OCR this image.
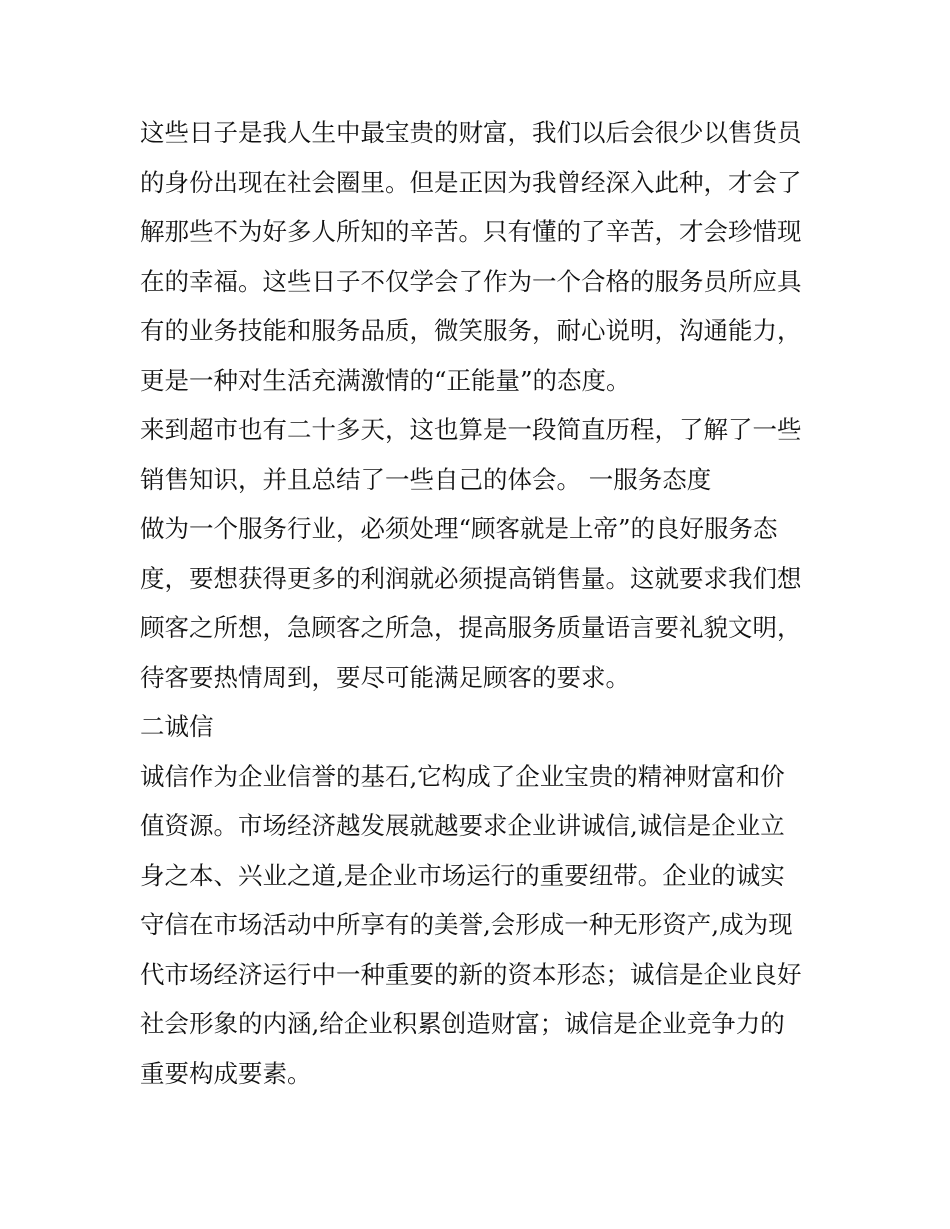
这些日子是我人生中最宝贵的财富，我们以后会很少以售货员
的身份出现在社会圈里。但是正因为我曾经深入此种，才会了
解那些不为好多人所知的辛苦。只有懂的了辛苦，才会珍惜现
在的幸福。这些日子不仅学会了作为一个合格的服务员所应具
有的业务技能和服务品质，微笑服务，耐心说明，沟通能力，
更是一种对生活充满激情的“正能量”的态度。
来到超市也有二十多天，这也算是一段简直历程，了解了一些
销售知识，并且总结了一些自己的体会。 一服务态度
做为一个服务行业，必须处理“顾客就是上帝”的良好服务态
度，要想获得更多的利润就必须提高销售量。这就要求我们想
顾客之所想，急顾客之所急，提高服务质量语言要礼貌文明，
待客要热情周到，要尽可能满足顾客的要求。
二诚信
诚信作为企业信誉的基石,它构成了企业宝贵的精神财富和价
值资源。市场经济越发展就越要求企业讲诚信,诚信是企业立
身之本、兴业之道,是企业市场运行的重要纽带。企业的诚实
守信在市场活动中所享有的美誉,会形成一种无形资产,成为现
代市场经济运行中一种重要的新的资本形态；诚信是企业良好
社会形象的内涵,给企业积累创造财富；诚信是企业竞争力的
重要构成要素。
